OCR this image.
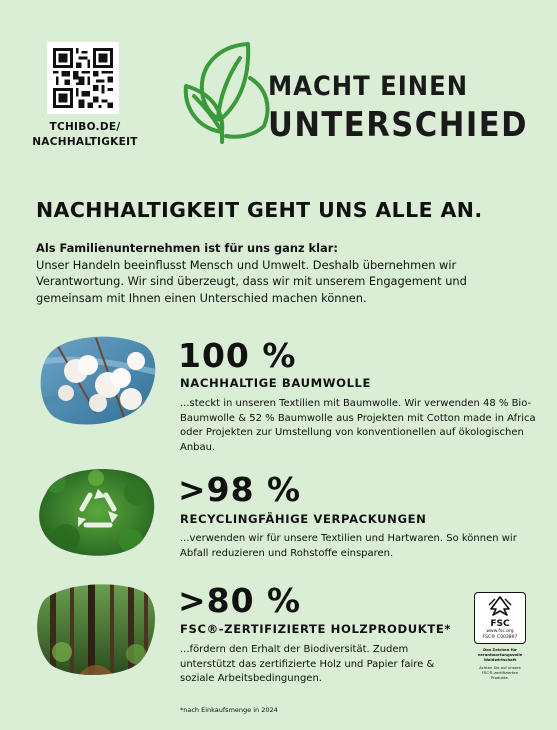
TCHIBO.DE/
NACHHALTIGKEIT
MACHT EINEN
UNTERSCHIED
NACHHALTIGKEIT GEHT UNS ALLE AN.
Als Familienunternehmen ist für uns ganz klar:
Unser Handeln beeinflusst Mensch und Umwelt. Deshalb übernehmen wir Verantwortung. Wir sind überzeugt, dass wir mit unserem Engagement und gemeinsam mit Ihnen einen Unterschied machen können.
100 %
NACHHALTIGE BAUMWOLLE
...steckt in unseren Textilien mit Baumwolle. Wir verwenden 48 % Bio-Baumwolle & 52 % Baumwolle aus Projekten mit Cotton made in Africa oder Projekten zur Umstellung von konventionellen auf ökologischen Anbau.
>98 %
RECYCLINGFÄHIGE VERPACKUNGEN
...verwenden wir für unsere Textilien und Hartwaren. So können wir Abfall reduzieren und Rohstoffe einsparen.
>80 %
FSC®-ZERTIFIZIERTE HOLZPRODUKTE*
...fördern den Erhalt der Biodiversität. Zudem unterstützt das zertifizierte Holz und Papier faire & soziale Arbeitsbedingungen.
FSC
www.fsc.org
FSC® C003897
Das Zeichen für verantwortungsvolle Waldwirtschaft
Achten Sie auf unsere FSC®-zertifizierten Produkte.
*nach Einkaufsmenge in 2024
